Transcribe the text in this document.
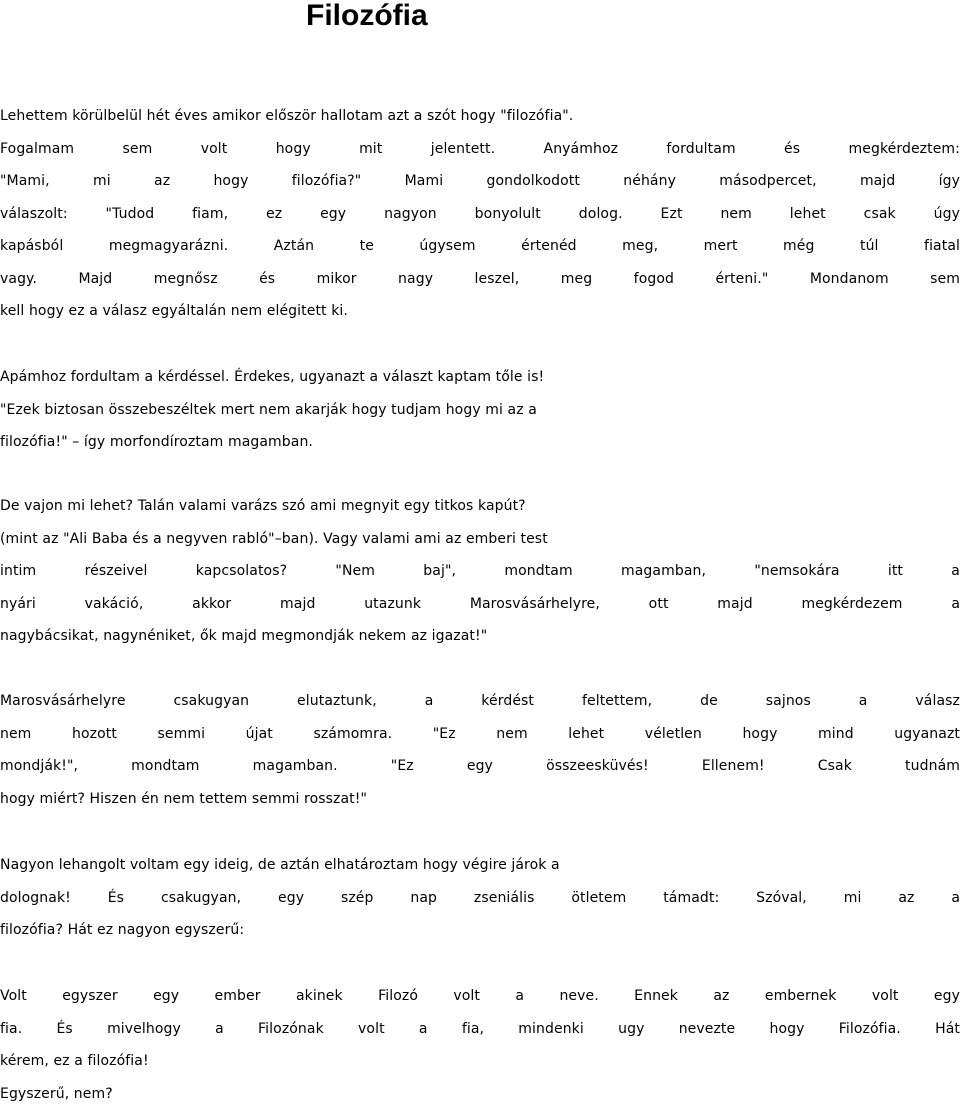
Filozófia
Lehettem körülbelül hét éves amikor először hallotam azt a szót hogy "filozófia".
Fogalmam sem volt hogy mit jelentett. Anyámhoz fordultam és megkérdeztem:
"Mami, mi az hogy filozófia?" Mami gondolkodott néhány másodpercet, majd így
válaszolt: "Tudod fiam, ez egy nagyon bonyolult dolog. Ezt nem lehet csak úgy
kapásból megmagyarázni. Aztán te úgysem értenéd meg, mert még túl fiatal
vagy. Majd megnősz és mikor nagy leszel, meg fogod érteni." Mondanom sem
kell hogy ez a válasz egyáltalán nem elégitett ki.
Apámhoz fordultam a kérdéssel. Érdekes, ugyanazt a választ kaptam tőle is!
"Ezek biztosan összebeszéltek mert nem akarják hogy tudjam hogy mi az a
filozófia!" – így morfondíroztam magamban.
De vajon mi lehet? Talán valami varázs szó ami megnyit egy titkos kapút?
(mint az "Ali Baba és a negyven rabló"–ban). Vagy valami ami az emberi test
intim részeivel kapcsolatos? "Nem baj", mondtam magamban, "nemsokára itt a
nyári vakáció, akkor majd utazunk Marosvásárhelyre, ott majd megkérdezem a
nagybácsikat, nagynéniket, ők majd megmondják nekem az igazat!"
Marosvásárhelyre csakugyan elutaztunk, a kérdést feltettem, de sajnos a válasz
nem hozott semmi újat számomra. "Ez nem lehet véletlen hogy mind ugyanazt
mondják!", mondtam magamban. "Ez egy összeesküvés! Ellenem! Csak tudnám
hogy miért? Hiszen én nem tettem semmi rosszat!"
Nagyon lehangolt voltam egy ideig, de aztán elhatároztam hogy végire járok a
dolognak! És csakugyan, egy szép nap zseniális ötletem támadt: Szóval, mi az a
filozófia? Hát ez nagyon egyszerű:
Volt egyszer egy ember akinek Filozó volt a neve. Ennek az embernek volt egy
fia. És mivelhogy a Filozónak volt a fia, mindenki ugy nevezte hogy Filozófia. Hát
kérem, ez a filozófia!
Egyszerű, nem?
